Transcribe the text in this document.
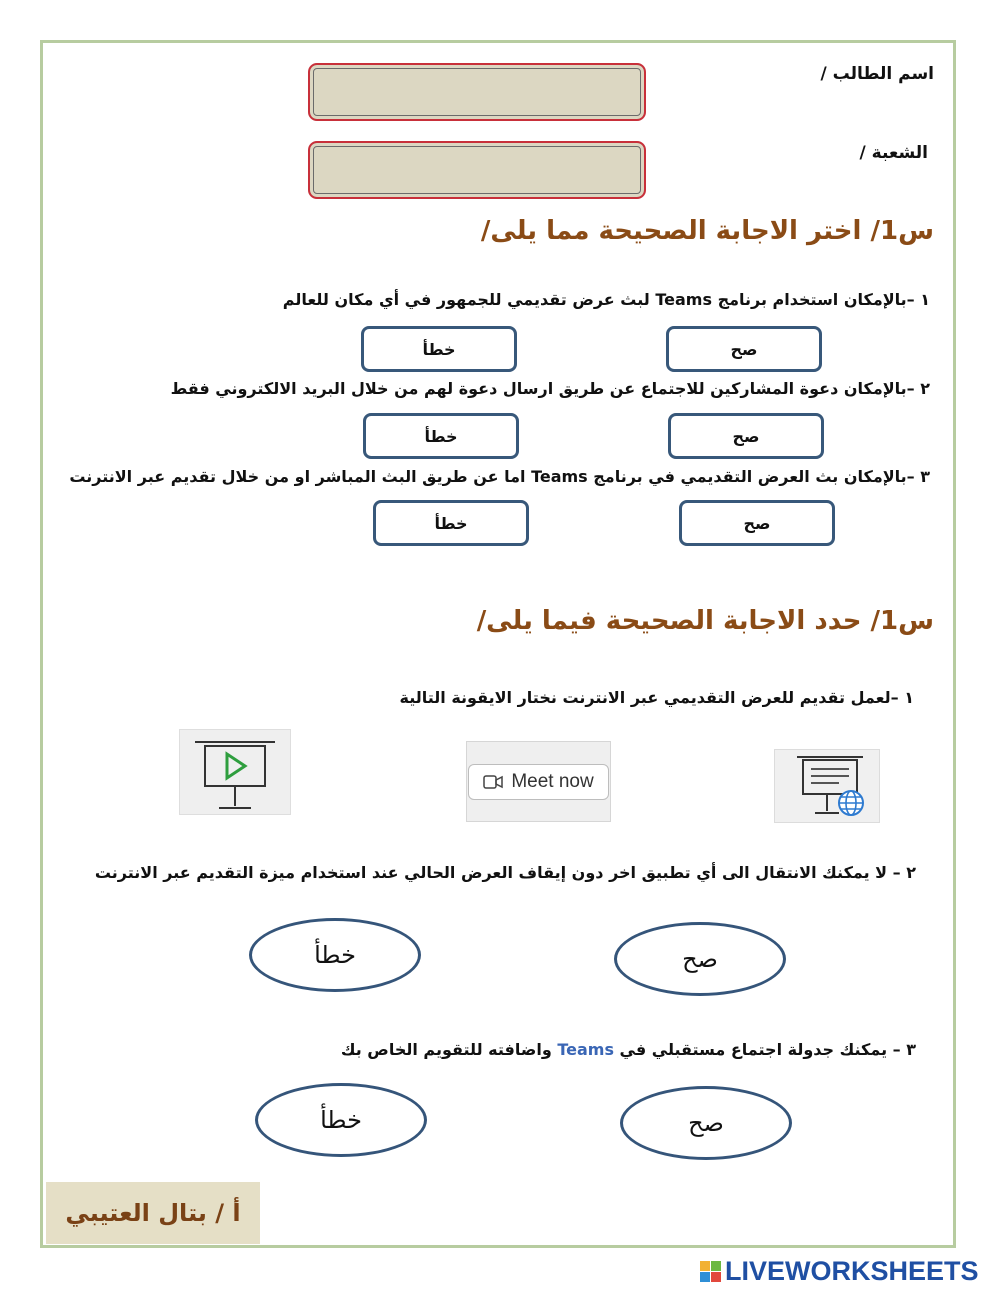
اسم الطالب /
الشعبة /
س1/ اختر الاجابة الصحيحة مما يلى/
١ –بالإمكان استخدام برنامج Teams لبث عرض تقديمي للجمهور في أي مكان للعالم
صح
خطأ
٢ –بالإمكان دعوة المشاركين للاجتماع عن طريق ارسال دعوة لهم من خلال البريد الالكتروني فقط
صح
خطأ
٣ –بالإمكان بث العرض التقديمي في برنامج Teams اما عن طريق البث المباشر او من خلال تقديم عبر الانترنت
صح
خطأ
س1/ حدد الاجابة الصحيحة فيما يلى/
١ –لعمل تقديم للعرض التقديمي عبر الانترنت نختار الايقونة التالية
Meet now
٢ – لا يمكنك الانتقال الى أي تطبيق اخر دون إيقاف العرض الحالي عند استخدام ميزة التقديم عبر الانترنت
صح
خطأ
٣ – يمكنك جدولة اجتماع مستقبلي في Teams واضافته للتقويم الخاص بك
صح
خطأ
أ / بتال العتيبي
LIVEWORKSHEETS
